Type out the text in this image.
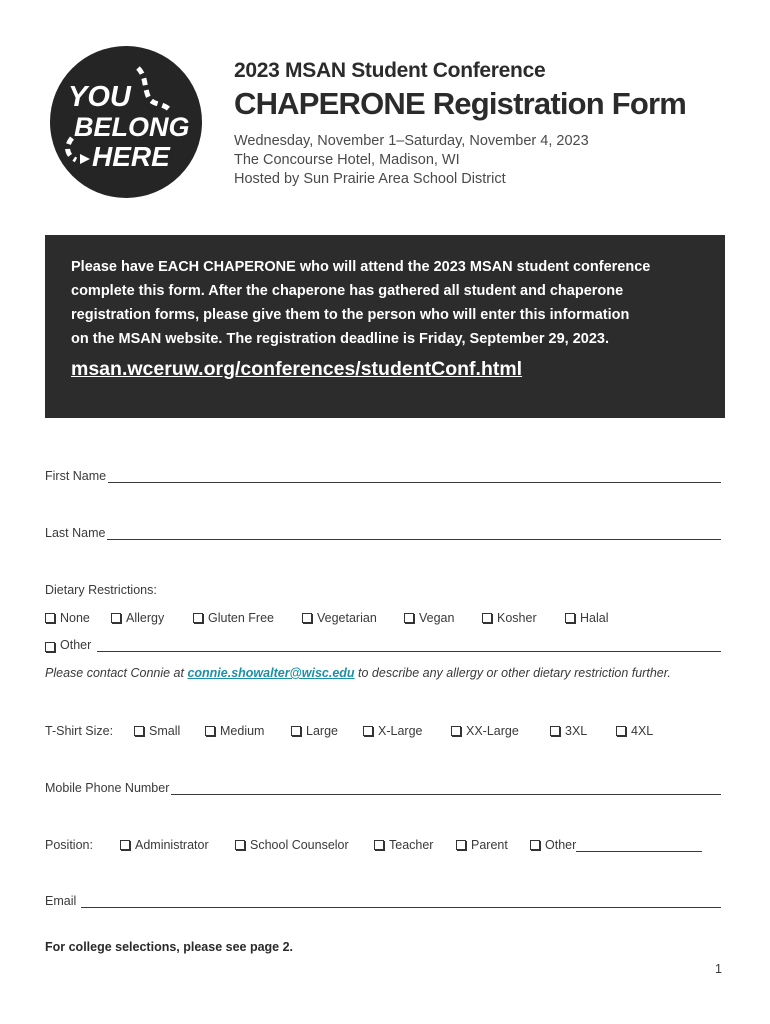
YOU
BELONG
HERE
2023 MSAN Student Conference
CHAPERONE Registration Form
Wednesday, November 1–Saturday, November 4, 2023
The Concourse Hotel, Madison, WI
Hosted by Sun Prairie Area School District
Please have EACH CHAPERONE who will attend the 2023 MSAN student conference
complete this form. After the chaperone has gathered all student and chaperone
registration forms, please give them to the person who will enter this information
on the MSAN website. The registration deadline is Friday, September 29, 2023.
msan.wceruw.org/conferences/studentConf.html
First Name
Last Name
Dietary Restrictions:
None	Allergy	Gluten Free	Vegetarian	Vegan	Kosher	Halal
Other
Please contact Connie at connie.showalter@wisc.edu to describe any allergy or other dietary restriction further.
T-Shirt Size:	Small	Medium	Large	X-Large	XX-Large	3XL	4XL
Mobile Phone Number
Position:	Administrator	School Counselor	Teacher	Parent	Other
Email
For college selections, please see page 2.
1
